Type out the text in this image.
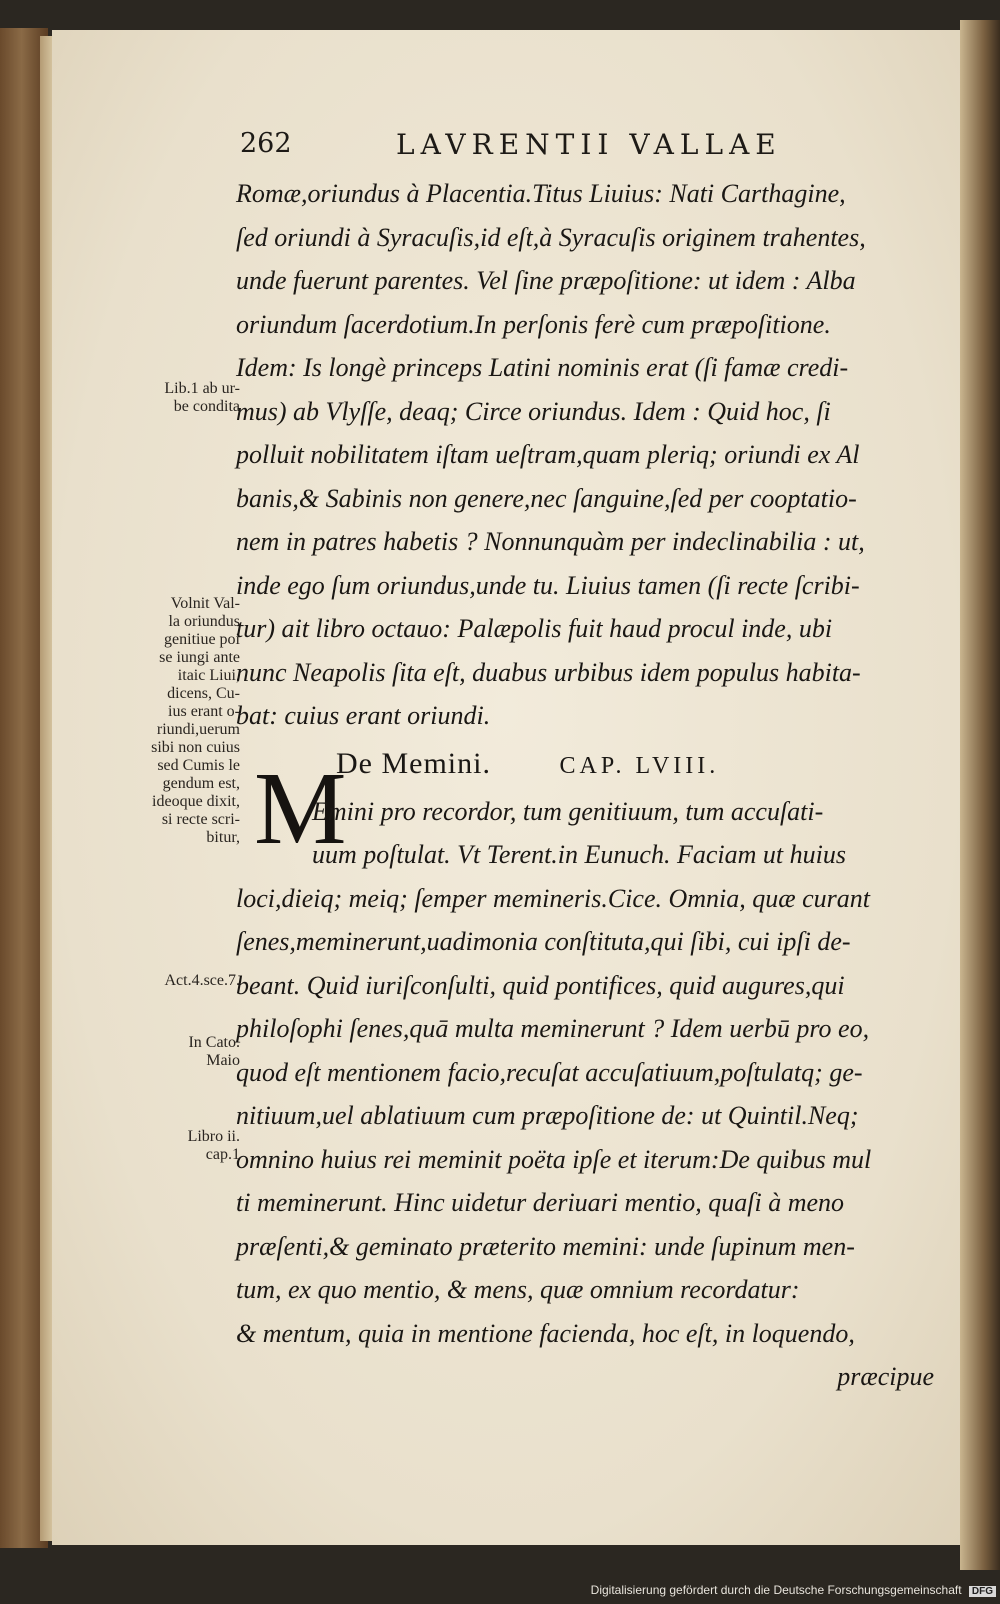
262	LAVRENTII VALLAE
Lib.1 ab ur-
be condita
Volnit Val-
la oriundus
genitiue poi
se iungi ante
itaic Liui,
dicens, Cu-
ius erant o-
riundi,uerum
sibi non cuius
sed Cumis le
gendum est,
ideoque dixit,
si recte scri-
bitur,
Act.4.sce.7.
In Cato.
Maio
Libro ii.
cap.1
M
Romæ,oriundus à Placentia.Titus Liuius: Nati Carthagine,
ſed oriundi à Syracuſis,id eſt,à Syracuſis originem trahentes,
unde fuerunt parentes. Vel ſine præpoſitione: ut idem : Alba
oriundum ſacerdotium.In perſonis ferè cum præpoſitione.
Idem: Is longè princeps Latini nominis erat (ſi famæ credi-
mus) ab Vlyſſe, deaq; Circe oriundus. Idem : Quid hoc, ſi
polluit nobilitatem iſtam ueſtram,quam pleriq; oriundi ex Al
banis,& Sabinis non genere,nec ſanguine,ſed per cooptatio-
nem in patres habetis ? Nonnunquàm per indeclinabilia : ut,
inde ego ſum oriundus,unde tu. Liuius tamen (ſi recte ſcribi-
tur) ait libro octauo: Palæpolis fuit haud procul inde, ubi
nunc Neapolis ſita eſt, duabus urbibus idem populus habita-
bat: cuius erant oriundi.
De Memini.	CAP. LVIII.
Emini pro recordor, tum genitiuum, tum accuſati-
uum poſtulat. Vt Terent.in Eunuch. Faciam ut huius
loci,dieiq; meiq; ſemper memineris.Cice. Omnia, quæ curant
ſenes,meminerunt,uadimonia conſtituta,qui ſibi, cui ipſi de-
beant. Quid iuriſconſulti, quid pontifices, quid augures,qui
philoſophi ſenes,quā multa meminerunt ? Idem uerbū pro eo,
quod eſt mentionem facio,recuſat accuſatiuum,poſtulatq; ge-
nitiuum,uel ablatiuum cum præpoſitione de: ut Quintil.Neq;
omnino huius rei meminit poëta ipſe et iterum:De quibus mul
ti meminerunt. Hinc uidetur deriuari mentio, quaſi à meno
præſenti,& geminato præterito memini: unde ſupinum men-
tum, ex quo mentio, & mens, quæ omnium recordatur:
& mentum, quia in mentione facienda, hoc eſt, in loquendo,
præcipue
Digitalisierung gefördert durch die Deutsche Forschungsgemeinschaft DFG
